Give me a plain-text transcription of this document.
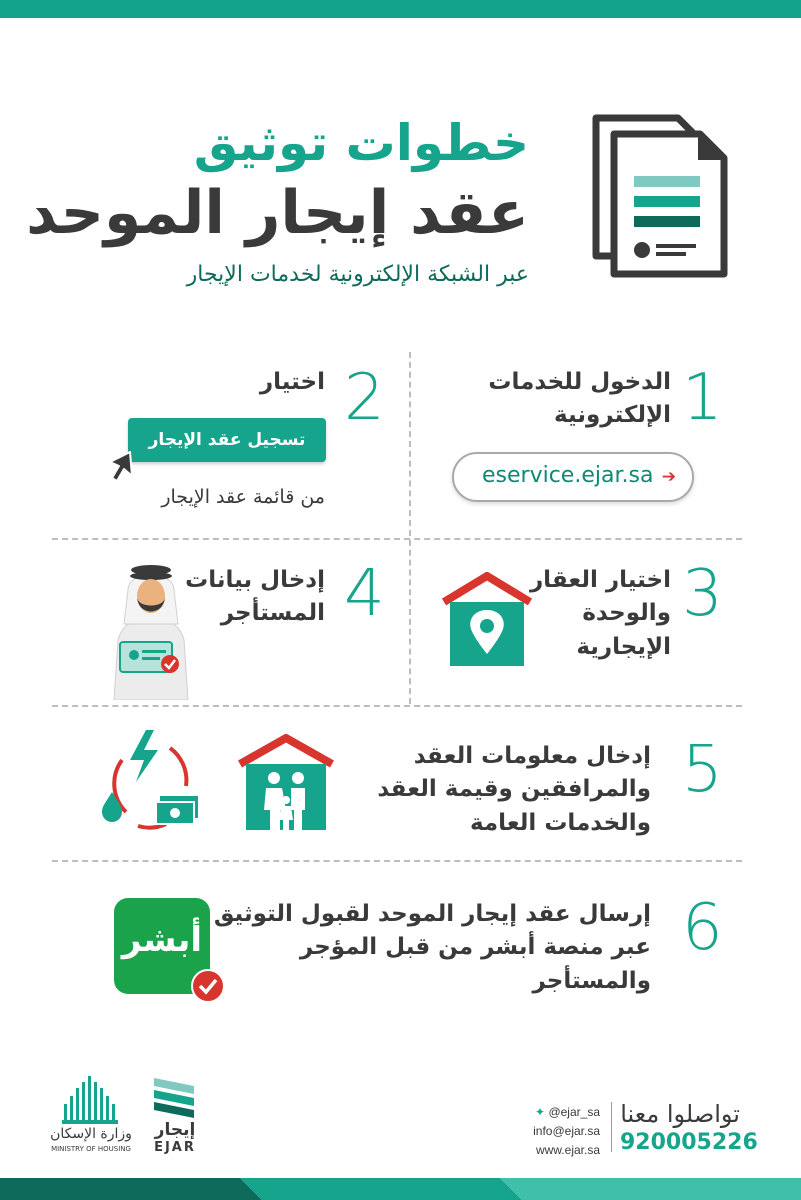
خطوات توثيق
عقد إيجار الموحد
عبر الشبكة الإلكترونية لخدمات الإيجار
1
الدخول للخدمات
الإلكترونية
eservice.ejar.sa ➔
2
اختيار
تسجيل عقد الإيجار
من قائمة عقد الإيجار
3
اختيار العقار
والوحدة
الإيجارية
4
إدخال بيانات
المستأجر
5
إدخال معلومات العقد
والمرافقين وقيمة العقد
والخدمات العامة
6
إرسال عقد إيجار الموحد لقبول التوثيق
عبر منصة أبشر من قبل المؤجر
والمستأجر
أبشر
تواصلوا معنا
920005226
✦ @ejar_sa
info@ejar.sa
www.ejar.sa
إيجار
EJAR
وزارة الإسكان
MINISTRY OF HOUSING
